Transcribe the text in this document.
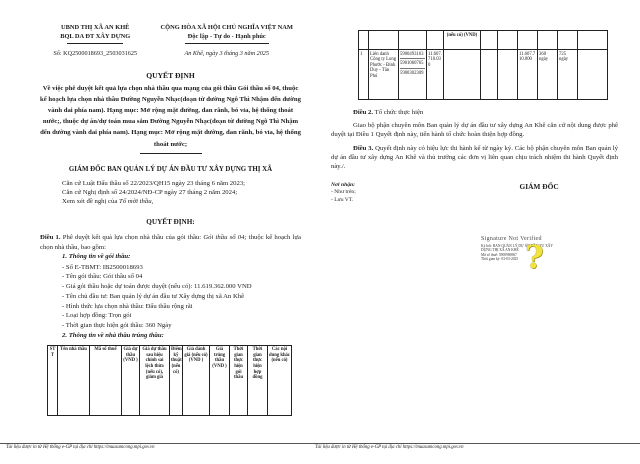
UBND THỊ XÃ AN KHÊ
BQL DA ĐT XÂY DỰNG
Số: KQ2500018693_2503031625
CỘNG HÒA XÃ HỘI CHỦ NGHĨA VIỆT NAM
Độc lập - Tự do - Hạnh phúc
An Khê, ngày 3 tháng 3 năm 2025
QUYẾT ĐỊNH
Về việc phê duyệt kết quả lựa chọn nhà thầu qua mạng của gói thầu Gói thầu số 04, thuộc kế hoạch lựa chọn nhà thầu Đường Nguyễn Nhạc(đoạn từ đường Ngô Thì Nhậm đến đường vành đai phía nam). Hạng mục: Mở rộng mặt đường, đan rãnh, bó vỉa, hệ thống thoát nước;, thuộc dự án/dự toán mua sắm Đường Nguyễn Nhạc(đoạn từ đường Ngô Thì Nhậm đến đường vành đai phía nam). Hạng mục: Mở rộng mặt đường, đan rãnh, bó vỉa, hệ thống thoát nước;
GIÁM ĐỐC BAN QUẢN LÝ DỰ ÁN ĐẦU TƯ XÂY DỰNG THỊ XÃ
Căn cứ Luật Đấu thầu số 22/2023/QH15 ngày 23 tháng 6 năm 2023;
Căn cứ Nghị định số 24/2024/NĐ-CP ngày 27 tháng 2 năm 2024;
Xem xét đề nghị của Tổ mời thầu,
QUYẾT ĐỊNH:
Điều 1. Phê duyệt kết quả lựa chọn nhà thầu của gói thầu: Gói thầu số 04; thuộc kế hoạch lựa chọn nhà thầu, bao gồm:
1. Thông tin về gói thầu:
- Số E-TBMT: IB2500018693
- Tên gói thầu: Gói thầu số 04
- Giá gói thầu hoặc dự toán được duyệt (nếu có): 11.619.362.000 VND
- Tên chủ đầu tư: Ban quản lý dự án đầu tư Xây dựng thị xã An Khê
- Hình thức lựa chọn nhà thầu: Đấu thầu rộng rãi
- Loại hợp đồng: Trọn gói
- Thời gian thực hiện gói thầu: 360 Ngày
2. Thông tin về nhà thầu trúng thầu:
STT	Tên nhà thầu	Mã số thuế	Giá dự thầu (VND )	Giá dự thầu sau hiệu chỉnh sai lệch thừa (nếu có), giảm giá	Điểm kỹ thuật (nếu có)	Giá đánh giá (nếu có) (VND )	Giá trúng thầu (VND )	Thời gian thực hiện gói thầu	Thời gian thực hiện hợp đồng	Các nội dung khác (nếu có)
Tài liệu được in từ Hệ thống e-GP tại địa chỉ https://muasamcong.mpi.gov.vn
				(nếu có) (VND)						
1	Liên danh Công ty Long Phước - Đinh Duy - Tân Phú	5900493163
5901060765
5900302309	11.607.710.030				11.607.710.000	360 ngày	725 ngày	
Điều 2. Tổ chức thực hiện
Giao bộ phận chuyên môn Ban quản lý dự án đầu tư xây dựng An Khê căn cứ nội dung được phê duyệt tại Điều 1 Quyết định này, tiến hành tổ chức hoàn thiện hợp đồng.
Điều 3. Quyết định này có hiệu lực thi hành kể từ ngày ký. Các bộ phận chuyên môn Ban quản lý dự án đầu tư xây dựng An Khê và thủ trưởng các đơn vị liên quan chịu trách nhiệm thi hành Quyết định này./.
Nơi nhận:
- Như trên;
- Lưu VT.
GIÁM ĐỐC
Signature Not Verified
Ký bởi: BAN QUẢN LÝ DỰ ÁN ĐẦU TƯ XÂY
DỰNG THỊ XÃ AN KHÊ
Mã số thuế: 5900986967
Thời gian ký: 03-03-2025 ?
Tài liệu được in từ Hệ thống e-GP tại địa chỉ https://muasamcong.mpi.gov.vn
